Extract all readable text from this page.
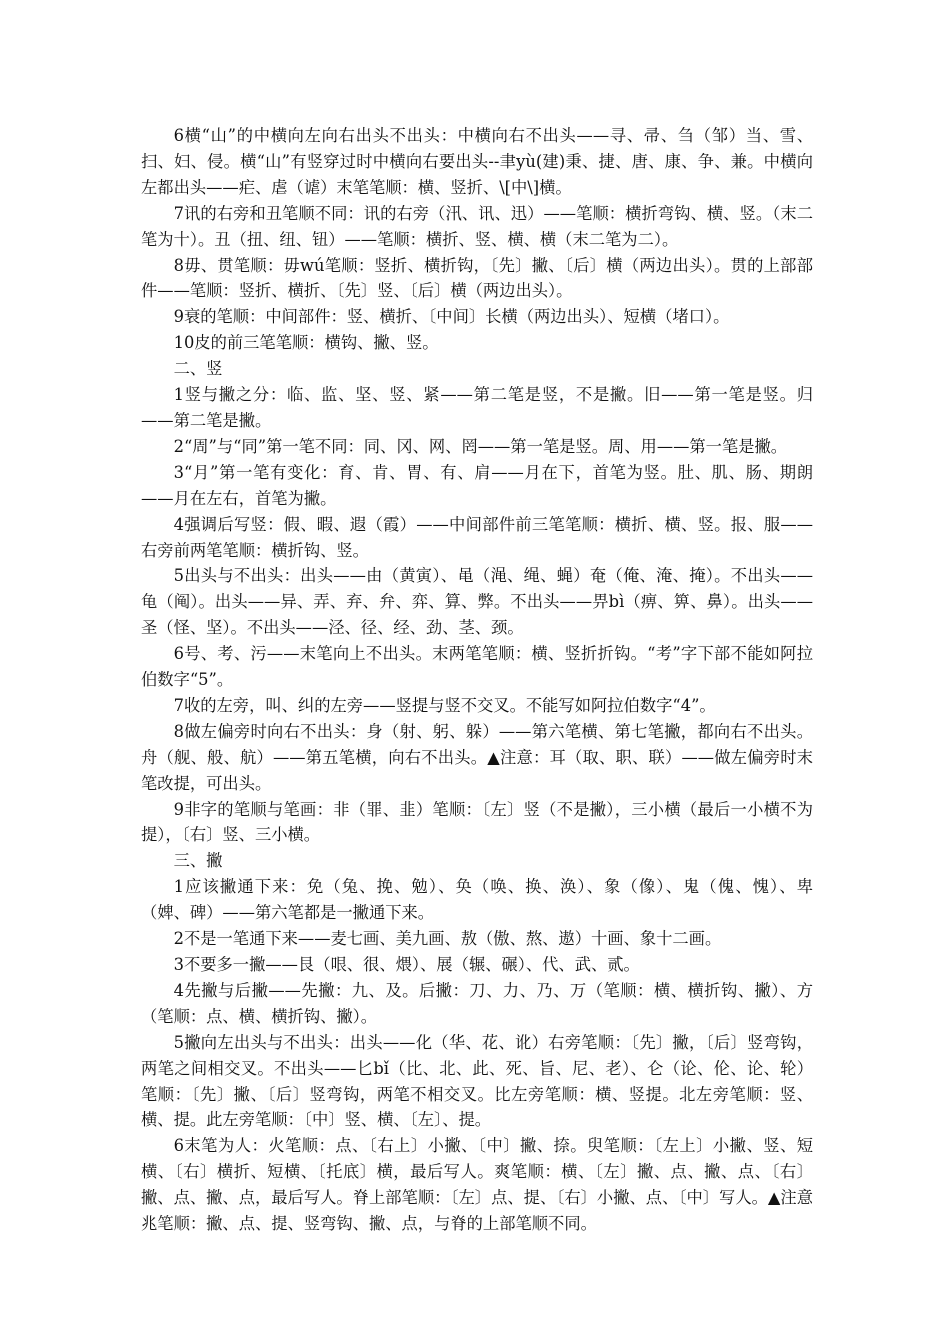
6横“山”的中横向左向右出头不出头：中横向右不出头——寻、帚、刍（邹）当、雪、扫、妇、侵。横“山”有竖穿过时中横向右要出头--聿yù(建)秉、捷、唐、康、争、兼。中横向左都出头——疟、虐（谑）末笔笔顺：横、竖折、\[中\]横。

7讯的右旁和丑笔顺不同：讯的右旁（汛、讯、迅）——笔顺：横折弯钩、横、竖。（末二笔为十）。丑（扭、纽、钮）——笔顺：横折、竖、横、横（末二笔为二）。

8毋、贯笔顺：毋wú笔顺：竖折、横折钩，〔先〕撇、〔后〕横（两边出头）。贯的上部部件——笔顺：竖折、横折、〔先〕竖、〔后〕横（两边出头）。

9衰的笔顺：中间部件：竖、横折、〔中间〕长横（两边出头）、短横（堵口）。

10皮的前三笔笔顺：横钩、撇、竖。

二、竖

1竖与撇之分：临、监、坚、竖、紧——第二笔是竖，不是撇。旧——第一笔是竖。归——第二笔是撇。

2“周”与“同”第一笔不同：同、冈、网、罔——第一笔是竖。周、用——第一笔是撇。

3“月”第一笔有变化：育、肯、胃、有、肩——月在下，首笔为竖。肚、肌、肠、期朗——月在左右，首笔为撇。

4强调后写竖：假、暇、遐（霞）——中间部件前三笔笔顺：横折、横、竖。报、服——右旁前两笔笔顺：横折钩、竖。

5出头与不出头：出头——由（黄寅）、黾（渑、绳、蝇）奄（俺、淹、掩）。不出头——龟（阄）。出头——异、弄、弃、弁、弈、算、弊。不出头——畀bì（痹、箅、鼻）。出头——圣（怪、坚）。不出头——泾、径、经、劲、茎、颈。

6号、考、污——末笔向上不出头。末两笔笔顺：横、竖折折钩。“考”字下部不能如阿拉伯数字“5”。

7收的左旁，叫、纠的左旁——竖提与竖不交叉。不能写如阿拉伯数字“4”。

8做左偏旁时向右不出头：身（射、躬、躲）——第六笔横、第七笔撇，都向右不出头。舟（舰、般、航）——第五笔横，向右不出头。▲注意：耳（取、职、联）——做左偏旁时末笔改提，可出头。

9非字的笔顺与笔画：非（罪、韭）笔顺：〔左〕竖（不是撇），三小横（最后一小横不为提），〔右〕竖、三小横。

三、撇

1应该撇通下来：免（兔、挽、勉）、奂（唤、换、涣）、象（像）、鬼（傀、愧）、卑（婢、碑）——第六笔都是一撇通下来。

2不是一笔通下来——麦七画、美九画、敖（傲、熬、遨）十画、象十二画。

3不要多一撇——艮（哏、很、煨）、展（辗、碾）、代、武、贰。

4先撇与后撇——先撇：九、及。后撇：刀、力、乃、万（笔顺：横、横折钩、撇）、方（笔顺：点、横、横折钩、撇）。

5撇向左出头与不出头：出头——化（华、花、讹）右旁笔顺：〔先〕撇，〔后〕竖弯钩，两笔之间相交叉。不出头——匕bǐ（比、北、此、死、旨、尼、老）、仑（论、伦、论、轮）笔顺：〔先〕撇、〔后〕竖弯钩，两笔不相交叉。比左旁笔顺：横、竖提。北左旁笔顺：竖、横、提。此左旁笔顺：〔中〕竖、横、〔左〕、提。

6末笔为人：火笔顺：点、〔右上〕小撇、〔中〕撇、捺。臾笔顺：〔左上〕小撇、竖、短横、〔右〕横折、短横、〔托底〕横，最后写人。爽笔顺：横、〔左〕撇、点、撇、点、〔右〕撇、点、撇、点，最后写人。脊上部笔顺：〔左〕点、提、〔右〕小撇、点、〔中〕写人。▲注意兆笔顺：撇、点、提、竖弯钩、撇、点，与脊的上部笔顺不同。
